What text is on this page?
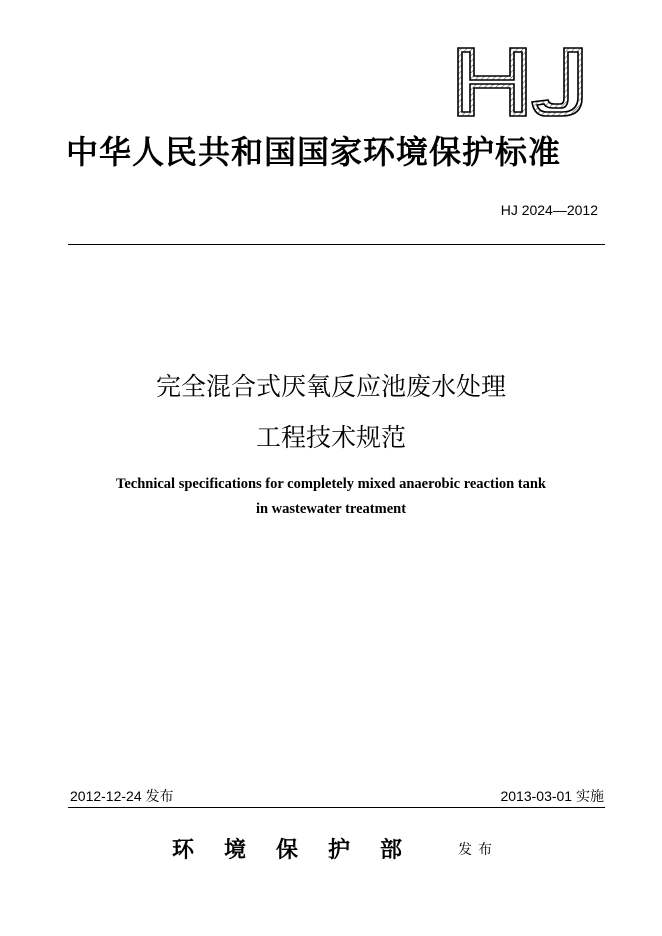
中华人民共和国国家环境保护标准
HJ 2024—2012
完全混合式厌氧反应池废水处理
工程技术规范
Technical specifications for completely mixed anaerobic reaction tank
in wastewater treatment
2012-12-24 发布	2013-03-01 实施
环境保护部 发布
